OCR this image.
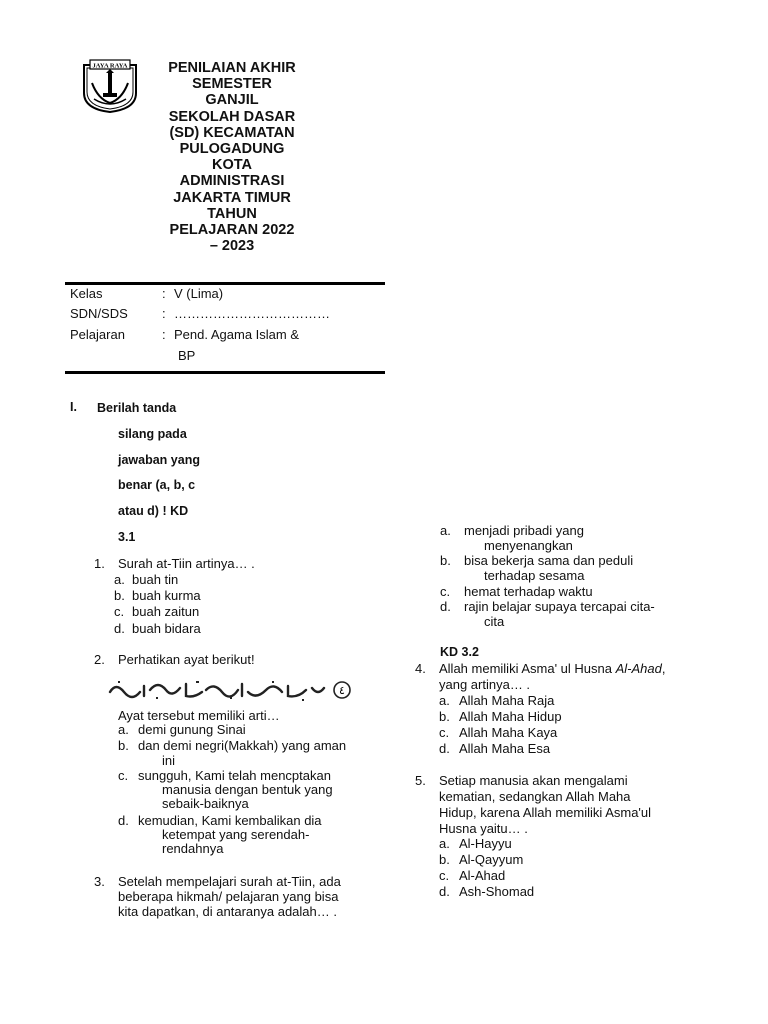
JAYA RAYA	PENILAIAN AKHIR
SEMESTER
GANJIL
SEKOLAH DASAR
(SD) KECAMATAN
PULOGADUNG
KOTA
ADMINISTRASI
JAKARTA TIMUR
TAHUN
PELAJARAN 2022
– 2023
Kelas	: V (Lima)
SDN/SDS	: ………………………………
Pelajaran	: Pend. Agama Islam &
BP
I. Berilah tanda
silang pada
jawaban yang
benar (a, b, c
atau d) ! KD
3.1
1. Surah at-Tiin artinya… .
a. buah tin
b. buah kurma
c. buah zaitun
d. buah bidara
2. Perhatikan ayat berikut!
٤
Ayat tersebut memiliki arti…
a. demi gunung Sinai
b. dan demi negri(Makkah) yang aman
ini
c. sungguh, Kami telah mencptakan
manusia dengan bentuk yang
sebaik-baiknya
d. kemudian, Kami kembalikan dia
ketempat yang serendah-
rendahnya
3. Setelah mempelajari surah at-Tiin, ada
beberapa hikmah/ pelajaran yang bisa
kita dapatkan, di antaranya adalah… .
a. menjadi pribadi yang
menyenangkan
b. bisa bekerja sama dan peduli
terhadap sesama
c. hemat terhadap waktu
d. rajin belajar supaya tercapai cita-
cita
KD 3.2
4. Allah memiliki Asma' ul Husna Al-Ahad,
yang artinya… .
a. Allah Maha Raja
b. Allah Maha Hidup
c. Allah Maha Kaya
d. Allah Maha Esa
5. Setiap manusia akan mengalami
kematian, sedangkan Allah Maha
Hidup, karena Allah memiliki Asma'ul
Husna yaitu… .
a. Al-Hayyu
b. Al-Qayyum
c. Al-Ahad
d. Ash-Shomad
